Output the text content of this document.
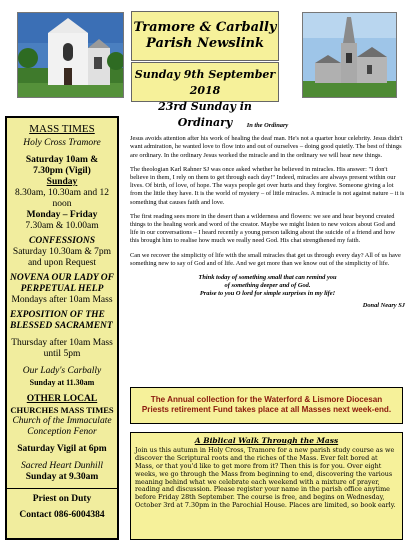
Tramore & Carbally
Parish Newslink
Sunday 9th September 2018
23rd Sunday in Ordinary
MASS TIMES
Holy Cross Tramore
Saturday 10am & 7.30pm (Vigil)
Sunday
8.30am, 10.30am and 12 noon
Monday – Friday
7.30am & 10.00am
CONFESSIONS
Saturday 10.30am & 7pm and upon Request
NOVENA OUR LADY OF PERPETUAL HELP
Mondays after 10am Mass
EXPOSITION OF THE BLESSED SACRAMENT
Thursday after 10am Mass until 5pm
Our Lady's Carbally
Sunday at 11.30am
OTHER LOCAL
CHURCHES MASS TIMES
Church of the Immaculate Conception Fenor
Saturday Vigil at 6pm
Sacred Heart Dunhill
Sunday at 9.30am
Priest on Duty
Contact 086-6004384
In the Ordinary

Jesus avoids attention after his work of healing the deaf man. He's not a quarter hour celebrity. Jesus didn't want admiration, he wanted love to flow into and out of ourselves – doing good quietly. The best of things are ordinary. In the ordinary Jesus worked the miracle and in the ordinary we will hear new things.

The theologian Karl Rahner SJ was once asked whether he believed in miracles. His answer: "I don't believe in them, I rely on them to get through each day!" Indeed, miracles are always present within our lives. Of birth, of love, of hope. The ways people get over hurts and they forgive. Someone giving a lot from the little they have. It is the world of mystery – of little miracles. A miracle is not against nature – it is something that causes faith and love.

The first reading sees more in the desert than a wilderness and flowers: we see and hear beyond created things to the healing work and word of the creator. Maybe we might listen to new voices about God and life in our conversations – I heard recently a young person talking about the suicide of a friend and how this brought him to realise how much we really need God. His chat strengthened my faith.

Can we recover the simplicity of life with the small miracles that get us through every day? All of us have something new to say of God and of life. And we get more than we know out of the simplicity of life.

Think today of something small that can remind you
of something deeper and of God.
Praise to you O lord for simple surprises in my life!
Donal Neary SJ
The Annual collection for the Waterford & Lismore Diocesan
Priests retirement Fund takes place at all Masses next week-end.
A Biblical Walk Through the Mass
Join us this autumn in Holy Cross, Tramore for a new parish study course as we discover the Scriptural roots and the riches of the Mass. Ever felt bored at Mass, or that you'd like to get more from it? Then this is for you. Over eight weeks, we go through the Mass from beginning to end, discovering the various meaning behind what we celebrate each weekend with a mixture of prayer, reading and discussion. Please register your name in the parish office anytime before Friday 28th September. The course is free, and begins on Wednesday, October 3rd at 7.30pm in the Parochial House. Places are limited, so book early.
